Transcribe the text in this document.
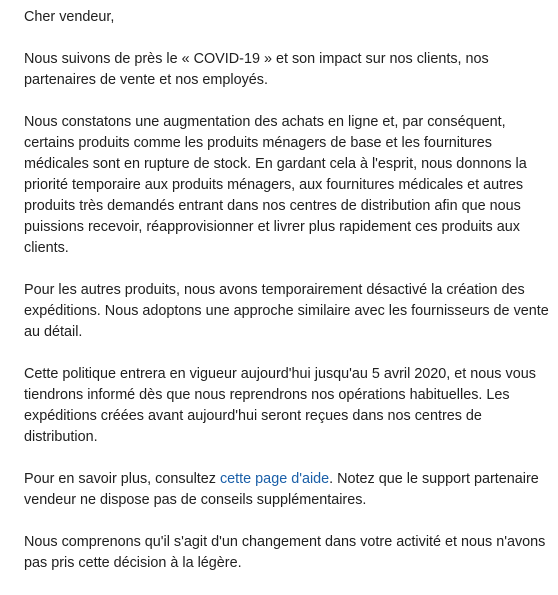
Cher vendeur,

Nous suivons de près le « COVID-19 » et son impact sur nos clients, nos partenaires de vente et nos employés.

Nous constatons une augmentation des achats en ligne et, par conséquent, certains produits comme les produits ménagers de base et les fournitures médicales sont en rupture de stock. En gardant cela à l'esprit, nous donnons la priorité temporaire aux produits ménagers, aux fournitures médicales et autres produits très demandés entrant dans nos centres de distribution afin que nous puissions recevoir, réapprovisionner et livrer plus rapidement ces produits aux clients.

Pour les autres produits, nous avons temporairement désactivé la création des expéditions. Nous adoptons une approche similaire avec les fournisseurs de vente au détail.

Cette politique entrera en vigueur aujourd'hui jusqu'au 5 avril 2020, et nous vous tiendrons informé dès que nous reprendrons nos opérations habituelles. Les expéditions créées avant aujourd'hui seront reçues dans nos centres de distribution.

Pour en savoir plus, consultez cette page d'aide. Notez que le support partenaire vendeur ne dispose pas de conseils supplémentaires.

Nous comprenons qu'il s'agit d'un changement dans votre activité et nous n'avons pas pris cette décision à la légère.
